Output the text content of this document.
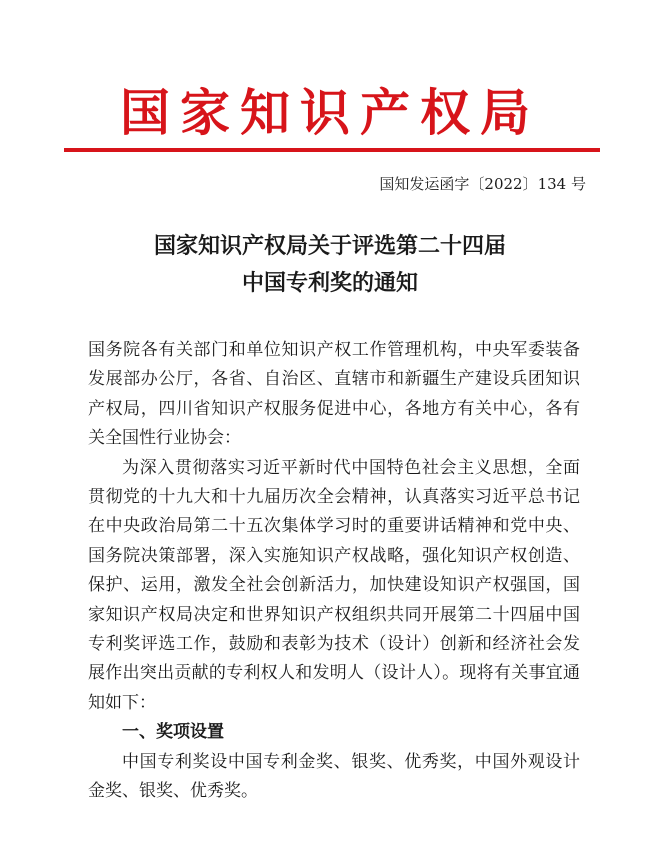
国家知识产权局
国知发运函字〔2022〕134 号
国家知识产权局关于评选第二十四届
中国专利奖的通知

国务院各有关部门和单位知识产权工作管理机构，中央军委装备发展部办公厅，各省、自治区、直辖市和新疆生产建设兵团知识产权局，四川省知识产权服务促进中心，各地方有关中心，各有关全国性行业协会：

为深入贯彻落实习近平新时代中国特色社会主义思想，全面贯彻党的十九大和十九届历次全会精神，认真落实习近平总书记在中央政治局第二十五次集体学习时的重要讲话精神和党中央、国务院决策部署，深入实施知识产权战略，强化知识产权创造、保护、运用，激发全社会创新活力，加快建设知识产权强国，国家知识产权局决定和世界知识产权组织共同开展第二十四届中国专利奖评选工作，鼓励和表彰为技术（设计）创新和经济社会发展作出突出贡献的专利权人和发明人（设计人）。现将有关事宜通知如下：

一、奖项设置

中国专利奖设中国专利金奖、银奖、优秀奖，中国外观设计金奖、银奖、优秀奖。
